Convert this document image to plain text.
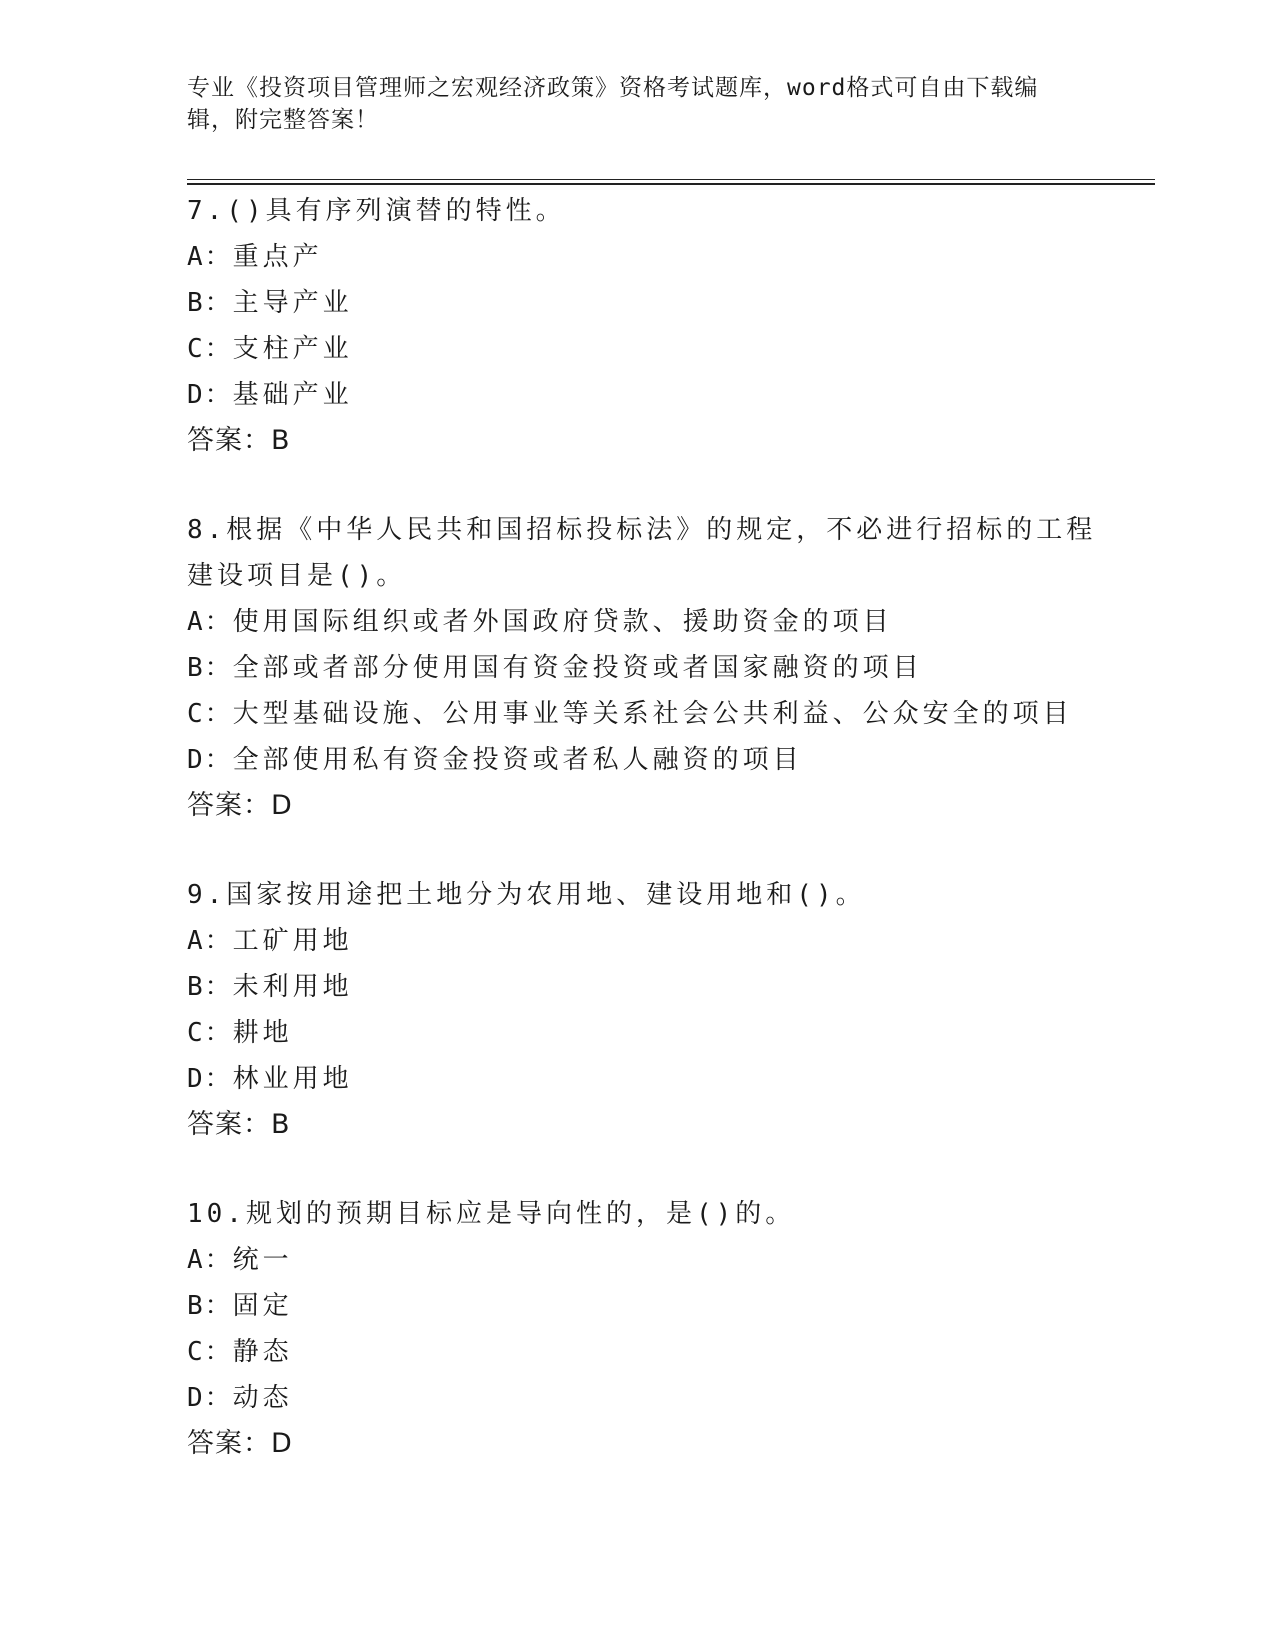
专业《投资项目管理师之宏观经济政策》资格考试题库，word格式可自由下载编
辑，附完整答案！
7.()具有序列演替的特性。
A：重点产
B：主导产业
C：支柱产业
D：基础产业
答案：B
8.根据《中华人民共和国招标投标法》的规定，不必进行招标的工程
建设项目是()。
A：使用国际组织或者外国政府贷款、援助资金的项目
B：全部或者部分使用国有资金投资或者国家融资的项目
C：大型基础设施、公用事业等关系社会公共利益、公众安全的项目
D：全部使用私有资金投资或者私人融资的项目
答案：D
9.国家按用途把土地分为农用地、建设用地和()。
A：工矿用地
B：未利用地
C：耕地
D：林业用地
答案：B
10.规划的预期目标应是导向性的，是()的。
A：统一
B：固定
C：静态
D：动态
答案：D
